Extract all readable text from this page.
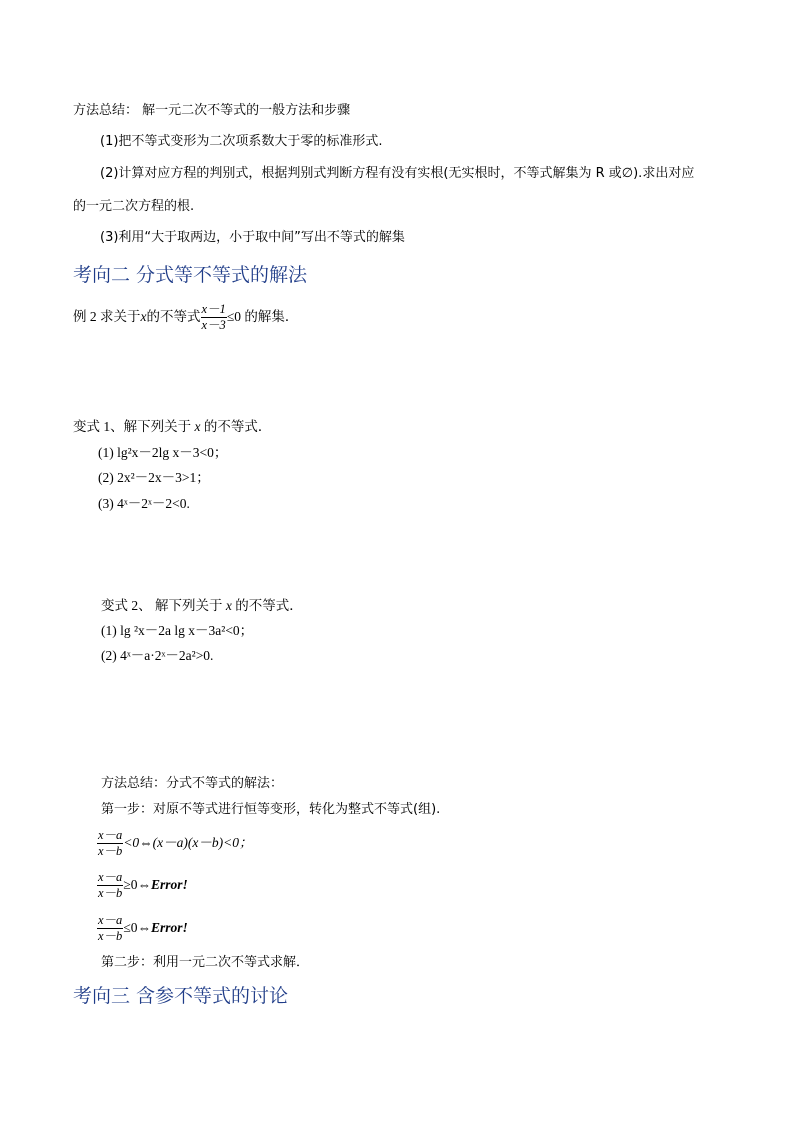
方法总结： 解一元二次不等式的一般方法和步骤
(1)把不等式变形为二次项系数大于零的标准形式.
(2)计算对应方程的判别式，根据判别式判断方程有没有实根(无实根时，不等式解集为 R 或∅).求出对应
的一元二次方程的根.
(3)利用“大于取两边，小于取中间”写出不等式的解集
考向二 分式等不等式的解法
例 2 求关于 x 的不等式 $\frac{x-1}{x-3} \le 0$ 的解集．
变式 1、解下列关于 x 的不等式．
(1) lg²x－2lg x－3<0；
(2) 2x²－2x－3>1；
(3) 4ˣ－2ˣ－2<0.
变式 2、 解下列关于 x 的不等式．
(1) lg ²x－2a lg x－3a²<0；
(2) 4ˣ－a·2ˣ－2a²>0.
方法总结：分式不等式的解法：
第一步：对原不等式进行恒等变形，转化为整式不等式(组).
$\frac{x-a}{x-b}$ <0⇔(x－a)(x－b)<0；
$\frac{x-a}{x-b}$ ≥0⇔ Error!
$\frac{x-a}{x-b}$ ≤0⇔ Error!
第二步：利用一元二次不等式求解．
考向三 含参不等式的讨论
